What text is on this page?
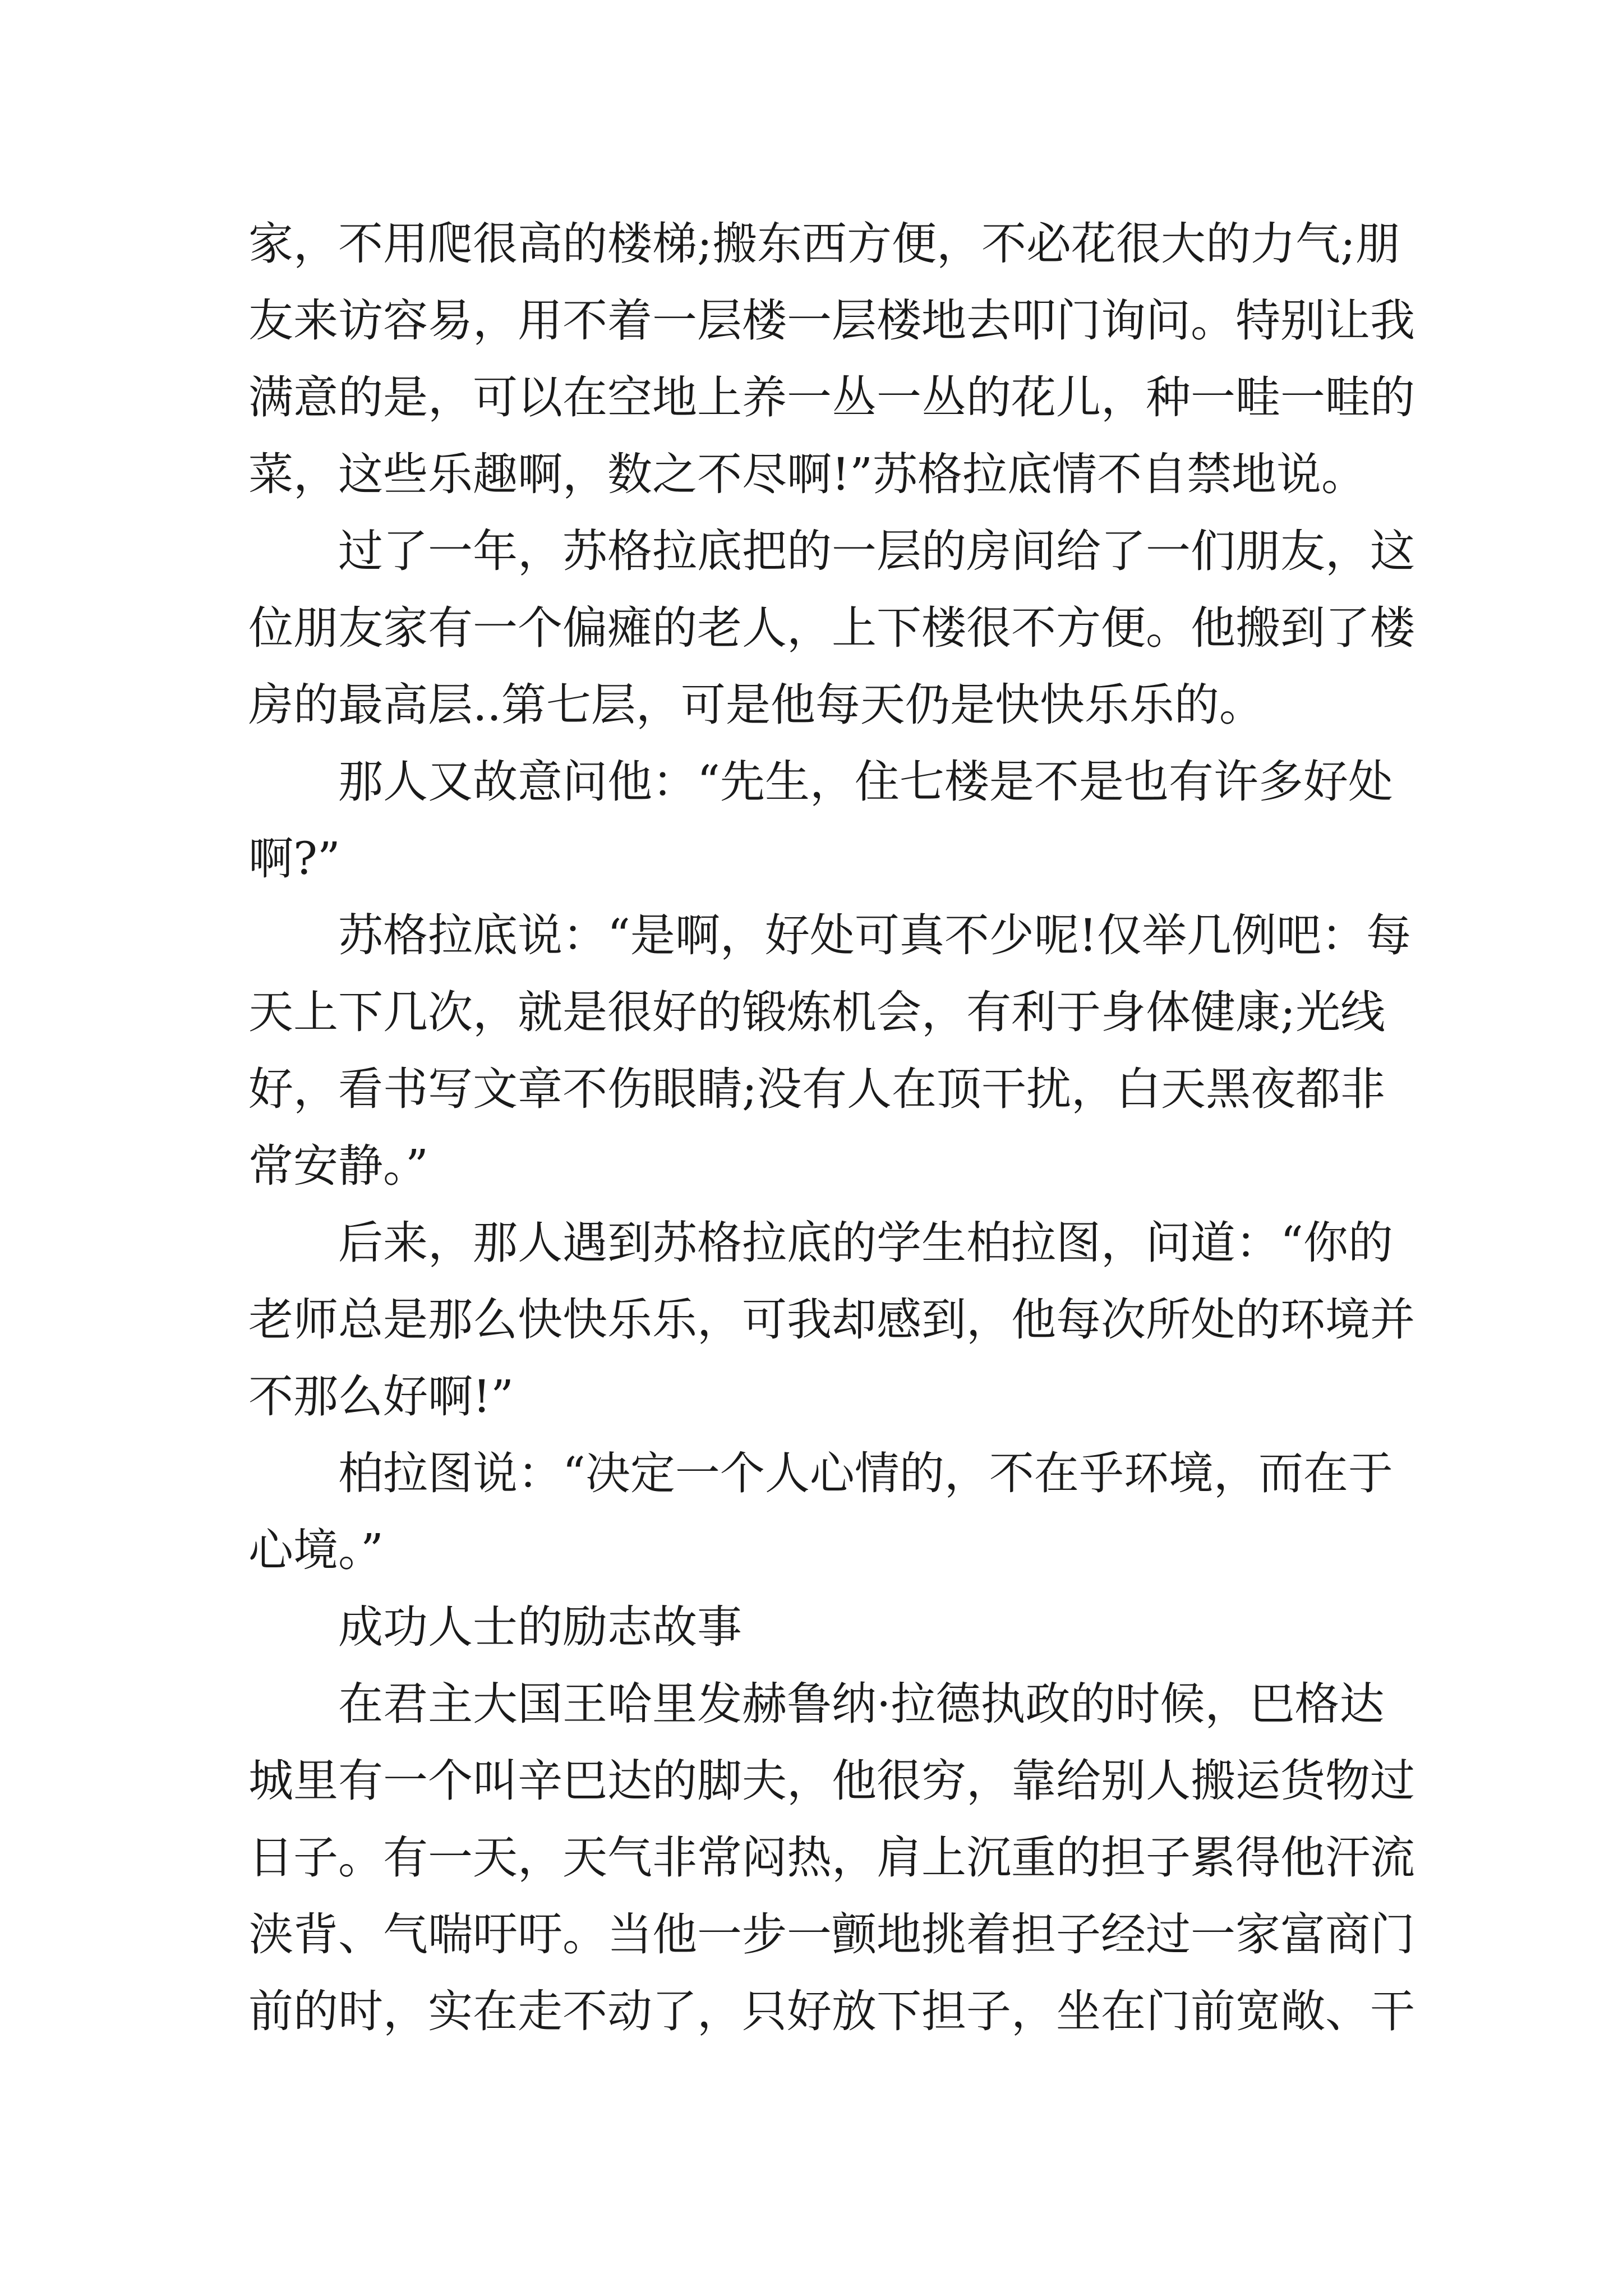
家，不用爬很高的楼梯;搬东西方便，不必花很大的力气;朋
友来访容易，用不着一层楼一层楼地去叩门询问。特别让我
满意的是，可以在空地上养一丛一丛的花儿，种一畦一畦的
菜，这些乐趣啊，数之不尽啊!”苏格拉底情不自禁地说。
过了一年，苏格拉底把的一层的房间给了一们朋友，这
位朋友家有一个偏瘫的老人，上下楼很不方便。他搬到了楼
房的最高层..第七层，可是他每天仍是快快乐乐的。
那人又故意问他：“先生，住七楼是不是也有许多好处
啊?”
苏格拉底说：“是啊，好处可真不少呢!仅举几例吧：每
天上下几次，就是很好的锻炼机会，有利于身体健康;光线
好，看书写文章不伤眼睛;没有人在顶干扰，白天黑夜都非
常安静。”
后来，那人遇到苏格拉底的学生柏拉图，问道：“你的
老师总是那么快快乐乐，可我却感到，他每次所处的环境并
不那么好啊!”
柏拉图说：“决定一个人心情的，不在乎环境，而在于
心境。”
成功人士的励志故事
在君主大国王哈里发赫鲁纳·拉德执政的时候，巴格达
城里有一个叫辛巴达的脚夫，他很穷，靠给别人搬运货物过
日子。有一天，天气非常闷热，肩上沉重的担子累得他汗流
浃背、气喘吁吁。当他一步一颤地挑着担子经过一家富商门
前的时，实在走不动了，只好放下担子，坐在门前宽敞、干
